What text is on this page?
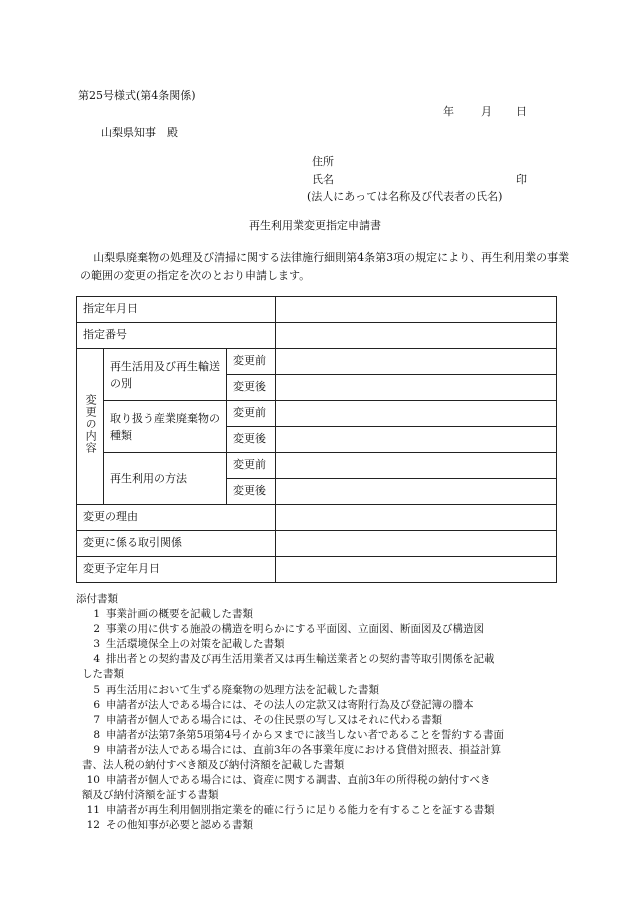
第25号様式(第4条関係)
年 月 日
山梨県知事　殿
住所
氏名	印
(法人にあっては名称及び代表者の氏名)
再生利用業変更指定申請書
山梨県廃棄物の処理及び清掃に関する法律施行細則第4条第3項の規定により、再生利用業の事業の範囲の変更の指定を次のとおり申請します。
指定年月日			
指定番号			
変更の内容	再生活用及び再生輸送の別	変更前	
		変更後	
	取り扱う産業廃棄物の種類	変更前	
		変更後	
	再生利用の方法	変更前	
		変更後	
変更の理由			
変更に係る取引関係			
変更予定年月日			
添付書類
1 事業計画の概要を記載した書類
2 事業の用に供する施設の構造を明らかにする平面図、立面図、断面図及び構造図
3 生活環境保全上の対策を記載した書類
4 排出者との契約書及び再生活用業者又は再生輸送業者との契約書等取引関係を記載
した書類
5 再生活用において生ずる廃棄物の処理方法を記載した書類
6 申請者が法人である場合には、その法人の定款又は寄附行為及び登記簿の謄本
7 申請者が個人である場合には、その住民票の写し又はそれに代わる書類
8 申請者が法第7条第5項第4号イからヌまでに該当しない者であることを誓約する書面
9 申請者が法人である場合には、直前3年の各事業年度における貸借対照表、損益計算
書、法人税の納付すべき額及び納付済額を記載した書類
10 申請者が個人である場合には、資産に関する調書、直前3年の所得税の納付すべき
額及び納付済額を証する書類
11 申請者が再生利用個別指定業を的確に行うに足りる能力を有することを証する書類
12 その他知事が必要と認める書類
